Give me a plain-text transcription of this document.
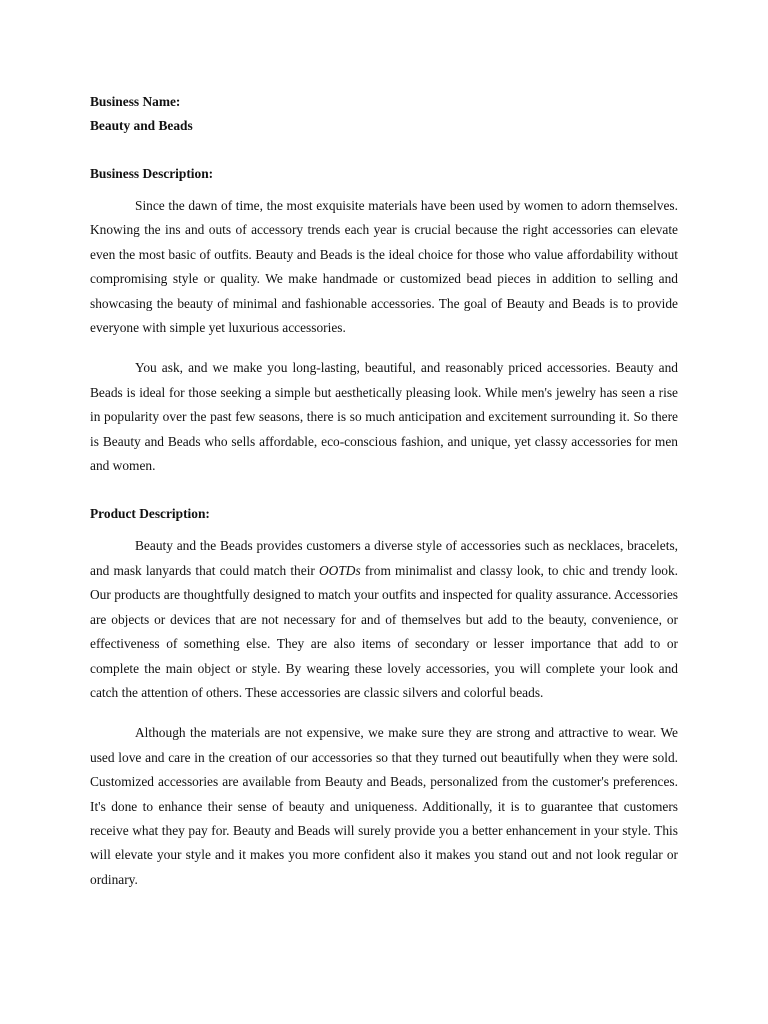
Business Name:

Beauty and Beads

Business Description:

Since the dawn of time, the most exquisite materials have been used by women to adorn themselves. Knowing the ins and outs of accessory trends each year is crucial because the right accessories can elevate even the most basic of outfits. Beauty and Beads is the ideal choice for those who value affordability without compromising style or quality. We make handmade or customized bead pieces in addition to selling and showcasing the beauty of minimal and fashionable accessories. The goal of Beauty and Beads is to provide everyone with simple yet luxurious accessories.

You ask, and we make you long-lasting, beautiful, and reasonably priced accessories. Beauty and Beads is ideal for those seeking a simple but aesthetically pleasing look. While men's jewelry has seen a rise in popularity over the past few seasons, there is so much anticipation and excitement surrounding it. So there is Beauty and Beads who sells affordable, eco-conscious fashion, and unique, yet classy accessories for men and women.

Product Description:

Beauty and the Beads provides customers a diverse style of accessories such as necklaces, bracelets, and mask lanyards that could match their OOTDs from minimalist and classy look, to chic and trendy look. Our products are thoughtfully designed to match your outfits and inspected for quality assurance. Accessories are objects or devices that are not necessary for and of themselves but add to the beauty, convenience, or effectiveness of something else. They are also items of secondary or lesser importance that add to or complete the main object or style. By wearing these lovely accessories, you will complete your look and catch the attention of others. These accessories are classic silvers and colorful beads.

Although the materials are not expensive, we make sure they are strong and attractive to wear. We used love and care in the creation of our accessories so that they turned out beautifully when they were sold. Customized accessories are available from Beauty and Beads, personalized from the customer's preferences. It's done to enhance their sense of beauty and uniqueness. Additionally, it is to guarantee that customers receive what they pay for. Beauty and Beads will surely provide you a better enhancement in your style. This will elevate your style and it makes you more confident also it makes you stand out and not look regular or ordinary.
